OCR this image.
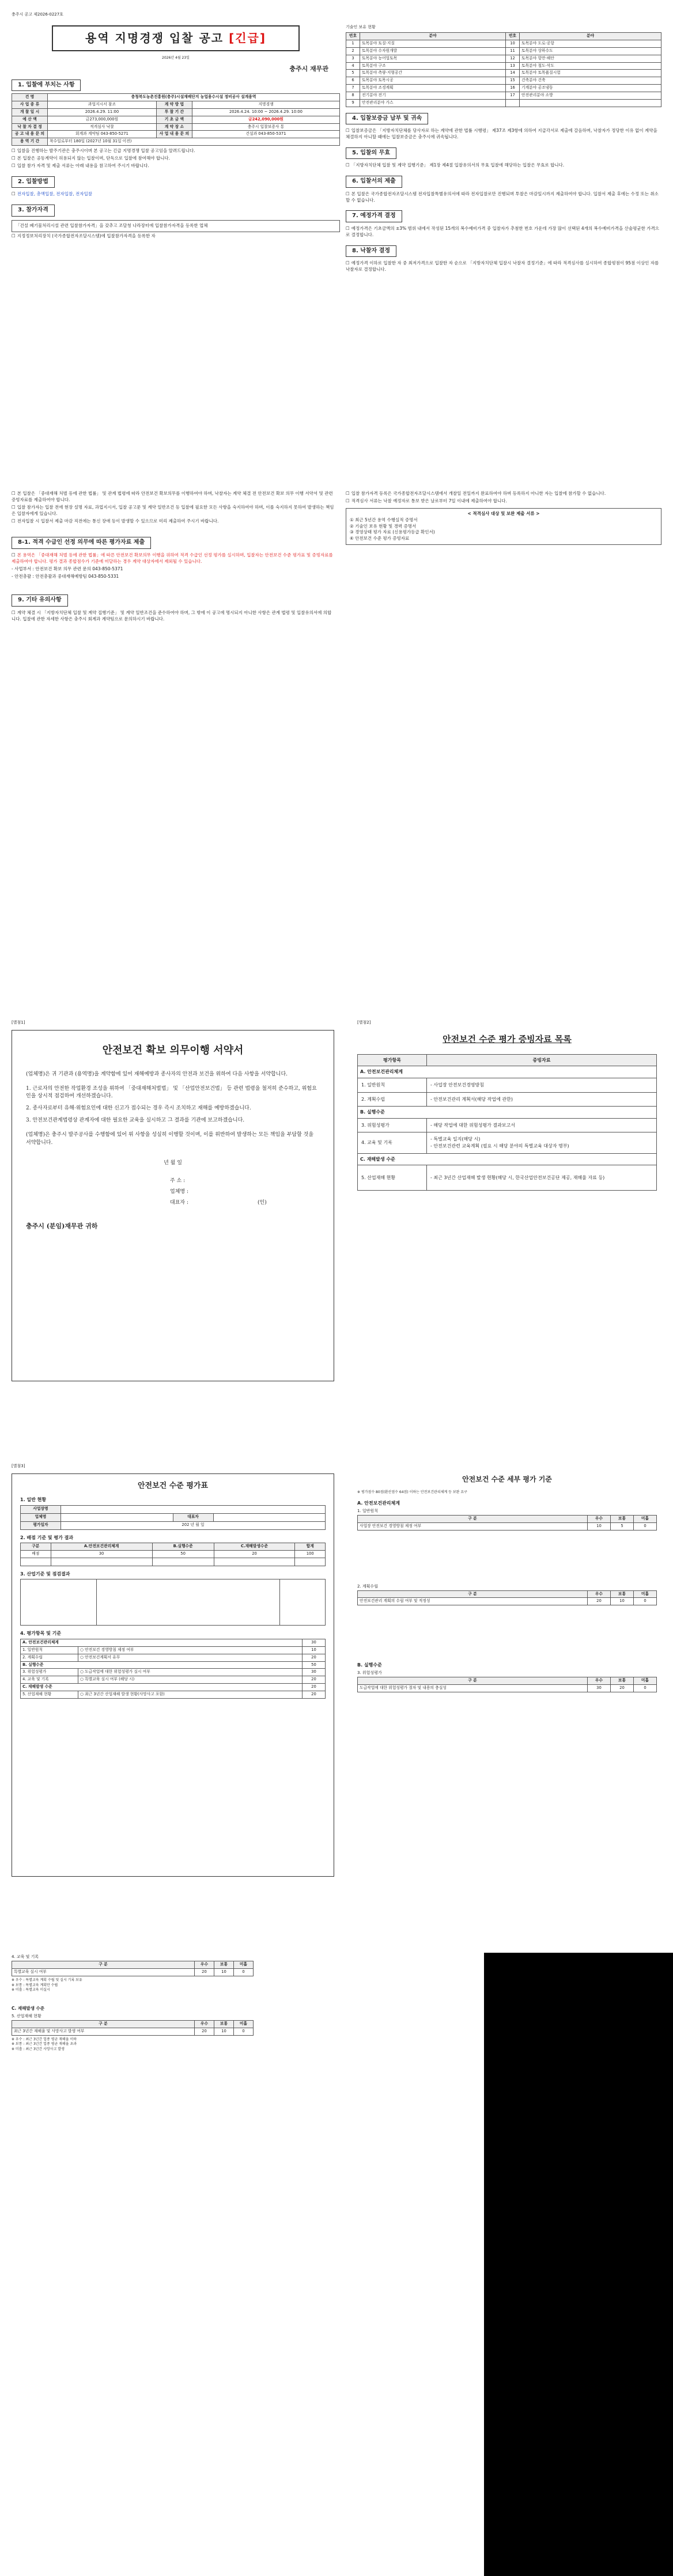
충주시 공고 제2026-0227호
용역 지명경쟁 입찰 공고 [긴급]
2026년 4월 23일
충주시 재무관
1. 입찰에 부치는 사항
건 명	충청북도농촌진흥원(충주)시설재배단지 농업용수시설 정비공사 설계용역		
사 업 종 류	과업지시서 참조	계 약 방 법	지명경쟁
개 찰 일 시	2026.4.29. 11:00	투 찰 기 간	2026.4.24. 10:00 ~ 2026.4.29. 10:00
예 산 액	금273,000,000원	기 초 금 액	금242,090,000원
낙 찰 자 결 정	적격심사 낙찰	계 약 장 소	충주시 입찰보증사 통
공 고 내 용 문 의	회계과 계약팀 043-850-5271	사 업 내 용 문 의	건설과 043-850-5371
용 역 기 간	착수일로부터 180일 (2027년 10월 31일 이전)		
☐ 입찰을 진행하는 발주기관은 충주시이며 본 공고는 긴급 지명경쟁 입찰 공고임을 알려드립니다.
☐ 본 입찰은 공동계약이 허용되지 않는 입찰이며, 단독으로 입찰에 참여해야 합니다.
☐ 입찰 참가 자격 및 제출 서류는 아래 내용을 참고하여 주시기 바랍니다.
2. 입찰방법
☐ 전자입찰, 총액입찰, 전자입찰, 전자입찰
3. 참가자격
「건설 폐기물처리시설 관련 입찰참가자격」을 갖추고 조달청 나라장터에 입찰참가자격을 등록한 업체
☐ 지정정보처리장치 (국가종합전자조달시스템)에 입찰참가자격을 등록한 자
기술인 보유 현황
번호	분야	번호	분야
1	토목분야 토질·지질	10	토목분야 도로·공항
2	토목분야 수자원개발	11	토목분야 상하수도
3	토목분야 농어업토목	12	토목분야 항만·해안
4	토목분야 구조	13	토목분야 철도·삭도
5	토목분야 측량·지형공간	14	토목분야 토목품질시험
6	토목분야 토목시공	15	건축분야 건축
7	토목분야 조경계획	16	기계분야 공조냉동
8	전기분야 전기	17	안전관리분야 소방
9	안전관리분야 가스		
4. 입찰보증금 납부 및 귀속
☐ 입찰보증금은 「지방자치단체를 당사자로 하는 계약에 관한 법률 시행령」 제37조 제3항에 의하여 지급각서로 제출에 갈음하며, 낙찰자가 정당한 이유 없이 계약을 체결하지 아니할 때에는 입찰보증금은 충주시에 귀속됩니다.
5. 입찰의 무효
☐ 「지방자치단체 입찰 및 계약 집행기준」 제1장 제4절 입찰유의서의 무효 입찰에 해당하는 입찰은 무효로 합니다.
6. 입찰서의 제출
☐ 본 입찰은 국가종합전자조달시스템 전자입찰특별유의서에 따라 전자입찰로만 진행되며 투찰은 마감일시까지 제출하여야 합니다. 입찰서 제출 후에는 수정 또는 취소할 수 없습니다.
7. 예정가격 결정
☐ 예정가격은 기초금액의 ±3% 범위 내에서 작성된 15개의 복수예비가격 중 입찰자가 추첨한 번호 가운데 가장 많이 선택된 4개의 복수예비가격을 산술평균한 가격으로 결정합니다.
8. 낙찰자 결정
☐ 예정가격 이하로 입찰한 자 중 최저가격으로 입찰한 자 순으로 「지방자치단체 입찰시 낙찰자 결정기준」에 따라 적격심사를 실시하여 종합평점이 95점 이상인 자를 낙찰자로 결정합니다.
☐ 본 입찰은 「중대재해 처벌 등에 관한 법률」 및 관계 법령에 따라 안전보건 확보의무를 이행하여야 하며, 낙찰자는 계약 체결 전 안전보건 확보 의무 이행 서약서 및 관련 증빙자료를 제출하여야 합니다.
☐ 입찰 참가자는 입찰 전에 현장 설명 자료, 과업지시서, 입찰 공고문 및 계약 일반조건 등 입찰에 필요한 모든 사항을 숙지하여야 하며, 이를 숙지하지 못하여 발생하는 책임은 입찰자에게 있습니다.
☐ 전자입찰 시 입찰서 제출 마감 직전에는 통신 장애 등이 발생할 수 있으므로 미리 제출하여 주시기 바랍니다.
8-1. 적격 수급인 선정 의무에 따른 평가자료 제출
☐ 본 용역은 「중대재해 처벌 등에 관한 법률」에 따른 안전보건 확보의무 이행을 위하여 적격 수급인 선정 평가를 실시하며, 입찰자는 안전보건 수준 평가표 및 증빙자료를 제출하여야 합니다. 평가 결과 종합점수가 기준에 미달하는 경우 계약 대상자에서 제외될 수 있습니다.
- 사업부서 : 안전보건 확보 의무 관련 문의 043-850-5371
- 안전총괄 : 안전총괄과 중대재해예방팀 043-850-5331
9. 기타 유의사항
☐ 계약 체결 시 「지방자치단체 입찰 및 계약 집행기준」 및 계약 일반조건을 준수하여야 하며, 그 밖에 이 공고에 명시되지 아니한 사항은 관계 법령 및 입찰유의서에 의합니다. 입찰에 관한 자세한 사항은 충주시 회계과 계약팀으로 문의하시기 바랍니다.
☐ 입찰 참가자격 등록은 국가종합전자조달시스템에서 개찰일 전일까지 완료하여야 하며 등록하지 아니한 자는 입찰에 참가할 수 없습니다.
☐ 적격심사 서류는 낙찰 예정자로 통보 받은 날로부터 7일 이내에 제출하여야 합니다.
< 적격심사 대상 및 보완 제출 서류 >
① 최근 5년간 용역 수행실적 증명서
② 기술인 보유 현황 및 경력 증명서
③ 경영상태 평가 자료 (신용평가등급 확인서)
④ 안전보건 수준 평가 증빙자료
[별첨1]
안전보건 확보 의무이행 서약서
(업체명)은 귀 기관과 (용역명)을 계약함에 있어 재해예방과 종사자의 안전과 보건을 위하여 다음 사항을 서약합니다.
1. 근로자의 안전한 작업환경 조성을 위하여 「중대재해처벌법」 및 「산업안전보건법」 등 관련 법령을 철저히 준수하고, 위험요인을 상시적 점검하여 개선하겠습니다.
2. 종사자로부터 유해·위험요인에 대한 신고가 접수되는 경우 즉시 조치하고 재해를 예방하겠습니다.
3. 안전보건관계법령상 관계자에 대한 필요한 교육을 실시하고 그 결과를 기관에 보고하겠습니다.
(업체명)은 충주시 발주공사를 수행함에 있어 위 사항을 성실히 이행할 것이며, 이를 위반하여 발생하는 모든 책임을 부담할 것을 서약합니다.
년 월 일
주 소 :
업체명 :
대표자 :	(인)
충주시 (분임)재무관 귀하
[별첨2]
안전보건 수준 평가 증빙자료 목록
평가항목	증빙자료
A. 안전보건관리체계	
1. 일반원칙	- 사업장 안전보건경영방침
2. 계획수립	- 안전보건관리 계획서(해당 작업에 관한)
B. 실행수준	
3. 위험성평가	- 해당 작업에 대한 위험성평가 결과보고서
4. 교육 및 기록	- 특별교육 일지(해당 시)
- 안전보건관련 교육계획 (필요 시 해당 분야의 특별교육 대상자 명부)
C. 재해발생 수준	
5. 산업재해 현황	- 최근 3년간 산업재해 발생 현황(해당 시, 한국산업안전보건공단 제공, 재해율 자료 등)
[별첨3]
안전보건 수준 평가표
1. 일반 현황
사업장명			
업체명		대표자	
평가일자	202 년 월 일		
2. 배점 기준 및 평가 결과
구분	A.안전보건관리체계	B.실행수준	C.재해발생수준	합계
배점	30	50	20	100

3. 산업기준 및 점검결과

4. 평가항목 및 기준
A. 안전보건관리체계		30
1. 일반원칙	○ 안전보건 경영방침 제정 여부	10
2. 계획수립	○ 안전보건계획서 유무	20
B. 실행수준		50
3. 위험성평가	○ 도급작업에 대한 위험성평가 실시 여부	30
4. 교육 및 기록	○ 특별교육 실시 여부 (해당 시)	20
C. 재해발생 수준		20
5. 산업재해 현황	○ 최근 3년간 산업재해 발생 현황(사망사고 포함)	20
안전보건 수준 세부 평가 기준
※ 평가점수 80점(환산점수 64점) 이하는 안전보건관리체계 등 보완 요구
A. 안전보건관리체계
1. 일반원칙
구 분	우수	보통	미흡
사업장 안전보건 경영방침 제정 여부	10	5	0
2. 계획수립
구 분	우수	보통	미흡
안전보건관리 계획의 수립 여부 및 적정성	20	10	0
B. 실행수준
3. 위험성평가
구 분	우수	보통	미흡
도급작업에 대한 위험성평가 절차 및 내용의 충실성	30	20	0
4. 교육 및 기록
구 분	우수	보통	미흡
특별교육 실시 여부	20	10	0
※ 우수 : 특별교육 계획 수립 및 실시 기록 보유
※ 보통 : 특별교육 계획만 수립
※ 미흡 : 특별교육 미실시
C. 재해발생 수준
5. 산업재해 현황
구 분	우수	보통	미흡
최근 3년간 재해율 및 사망사고 발생 여부	20	10	0
※ 우수 : 최근 3년간 업종 평균 재해율 이하
※ 보통 : 최근 3년간 업종 평균 재해율 초과
※ 미흡 : 최근 3년간 사망사고 발생
